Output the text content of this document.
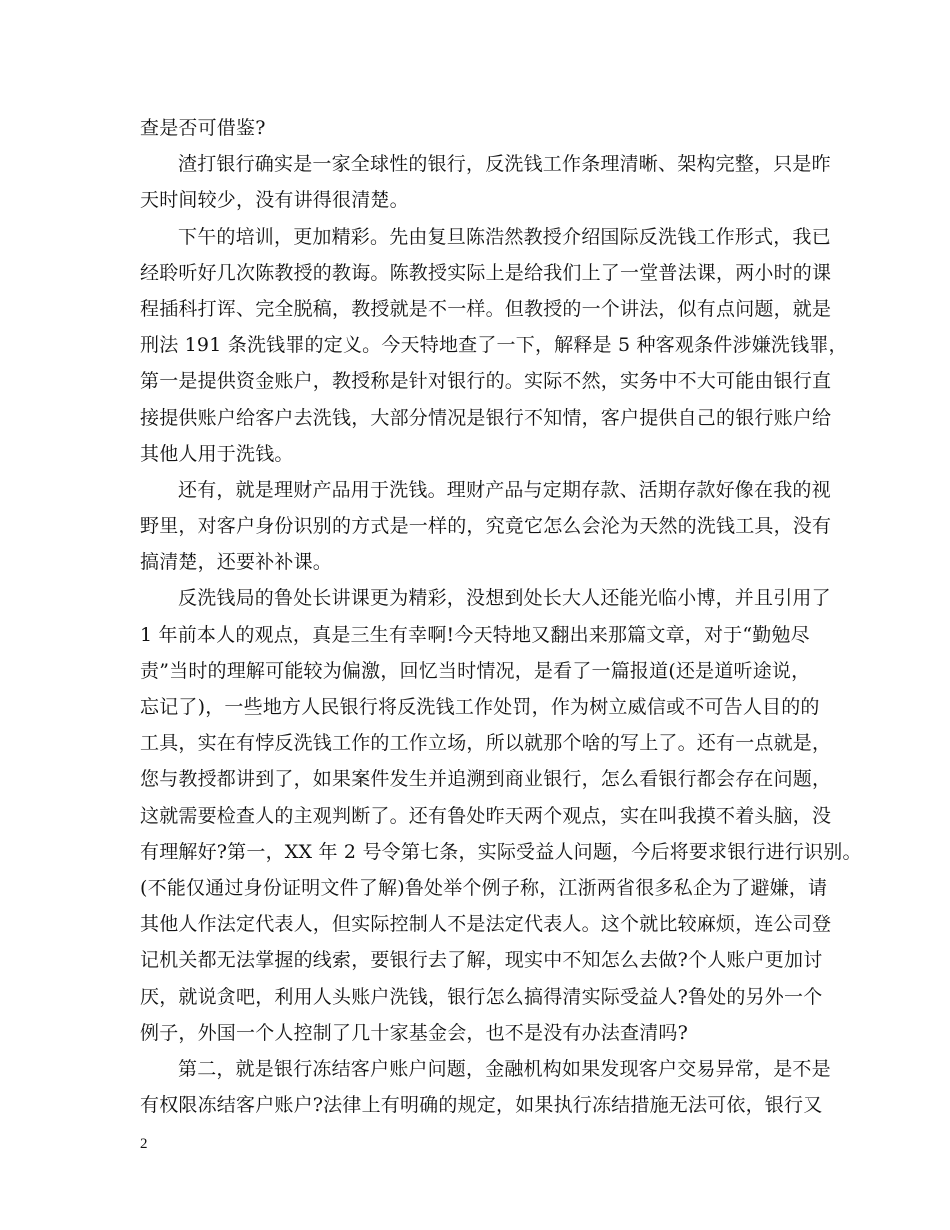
查是否可借鉴?
渣打银行确实是一家全球性的银行，反洗钱工作条理清晰、架构完整，只是昨
天时间较少，没有讲得很清楚。
下午的培训，更加精彩。先由复旦陈浩然教授介绍国际反洗钱工作形式，我已
经聆听好几次陈教授的教诲。陈教授实际上是给我们上了一堂普法课，两小时的课
程插科打诨、完全脱稿，教授就是不一样。但教授的一个讲法，似有点问题，就是
刑法 191 条洗钱罪的定义。今天特地查了一下，解释是 5 种客观条件涉嫌洗钱罪，
第一是提供资金账户，教授称是针对银行的。实际不然，实务中不大可能由银行直
接提供账户给客户去洗钱，大部分情况是银行不知情，客户提供自己的银行账户给
其他人用于洗钱。
还有，就是理财产品用于洗钱。理财产品与定期存款、活期存款好像在我的视
野里，对客户身份识别的方式是一样的，究竟它怎么会沦为天然的洗钱工具，没有
搞清楚，还要补补课。
反洗钱局的鲁处长讲课更为精彩，没想到处长大人还能光临小博，并且引用了
1 年前本人的观点，真是三生有幸啊!今天特地又翻出来那篇文章，对于“勤勉尽
责”当时的理解可能较为偏激，回忆当时情况，是看了一篇报道(还是道听途说，
忘记了)，一些地方人民银行将反洗钱工作处罚，作为树立威信或不可告人目的的
工具，实在有悖反洗钱工作的工作立场，所以就那个啥的写上了。还有一点就是，
您与教授都讲到了，如果案件发生并追溯到商业银行，怎么看银行都会存在问题，
这就需要检查人的主观判断了。还有鲁处昨天两个观点，实在叫我摸不着头脑，没
有理解好?第一，XX 年 2 号令第七条，实际受益人问题，今后将要求银行进行识别。
(不能仅通过身份证明文件了解)鲁处举个例子称，江浙两省很多私企为了避嫌，请
其他人作法定代表人，但实际控制人不是法定代表人。这个就比较麻烦，连公司登
记机关都无法掌握的线索，要银行去了解，现实中不知怎么去做?个人账户更加讨
厌，就说贪吧，利用人头账户洗钱，银行怎么搞得清实际受益人?鲁处的另外一个
例子，外国一个人控制了几十家基金会，也不是没有办法查清吗?
第二，就是银行冻结客户账户问题，金融机构如果发现客户交易异常，是不是
有权限冻结客户账户?法律上有明确的规定，如果执行冻结措施无法可依，银行又
2
